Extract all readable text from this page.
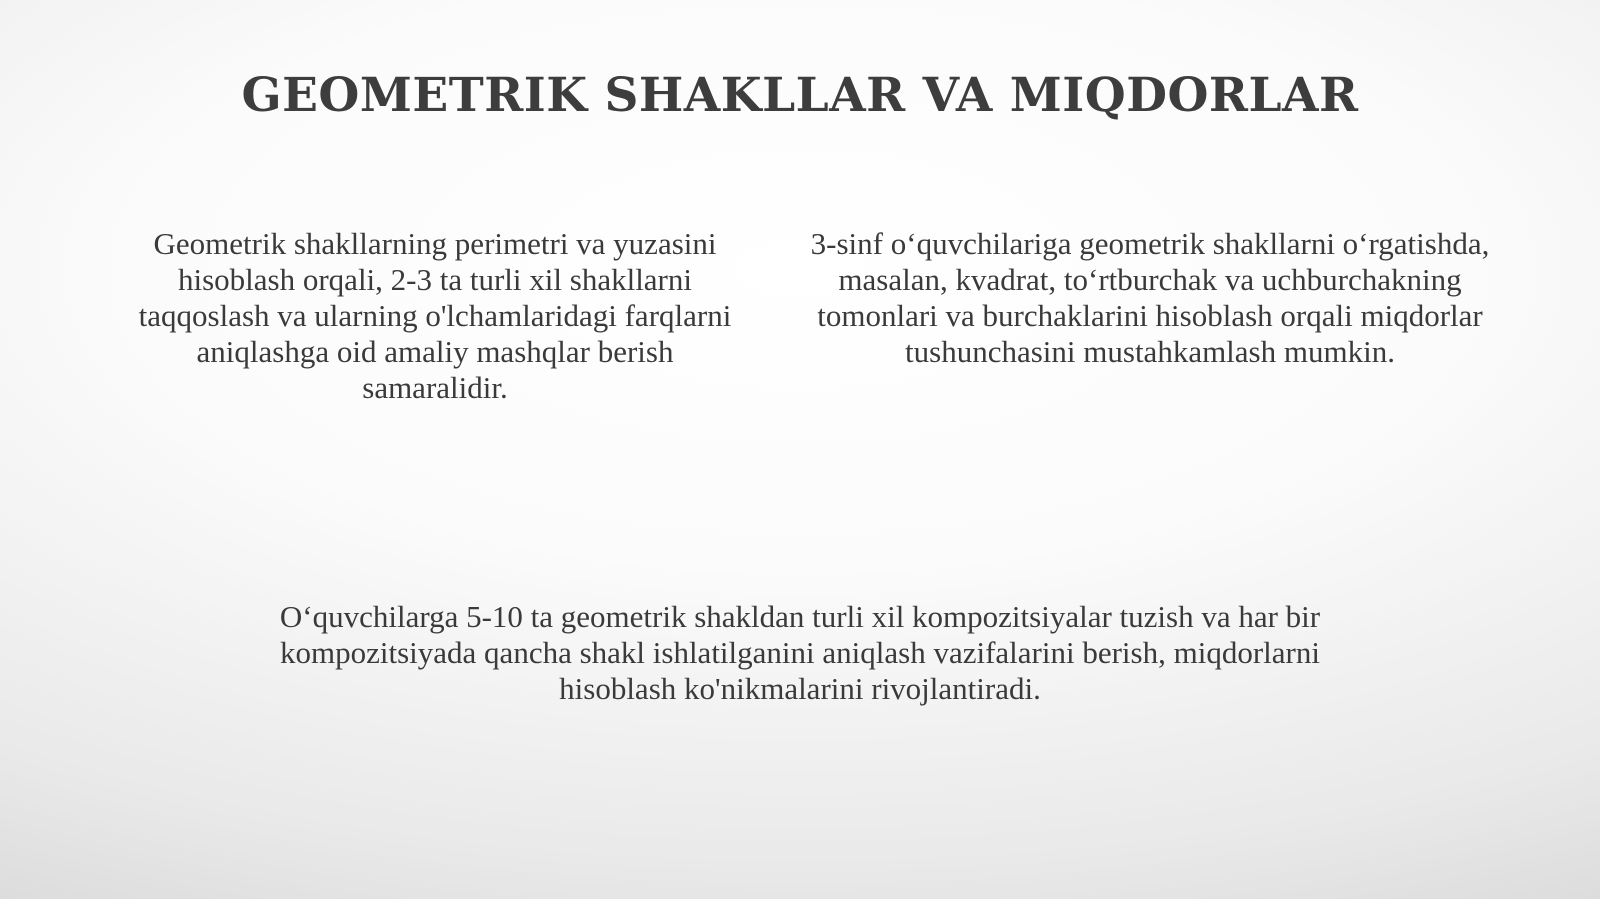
GEOMETRIK SHAKLLAR VA MIQDORLAR

Geometrik shakllarning perimetri va yuzasini hisoblash orqali, 2-3 ta turli xil shakllarni taqqoslash va ularning o'lchamlaridagi farqlarni aniqlashga oid amaliy mashqlar berish samaralidir.

3-sinf o‘quvchilariga geometrik shakllarni o‘rgatishda, masalan, kvadrat, to‘rtburchak va uchburchakning tomonlari va burchaklarini hisoblash orqali miqdorlar tushunchasini mustahkamlash mumkin.

O‘quvchilarga 5-10 ta geometrik shakldan turli xil kompozitsiyalar tuzish va har bir kompozitsiyada qancha shakl ishlatilganini aniqlash vazifalarini berish, miqdorlarni hisoblash ko'nikmalarini rivojlantiradi.
